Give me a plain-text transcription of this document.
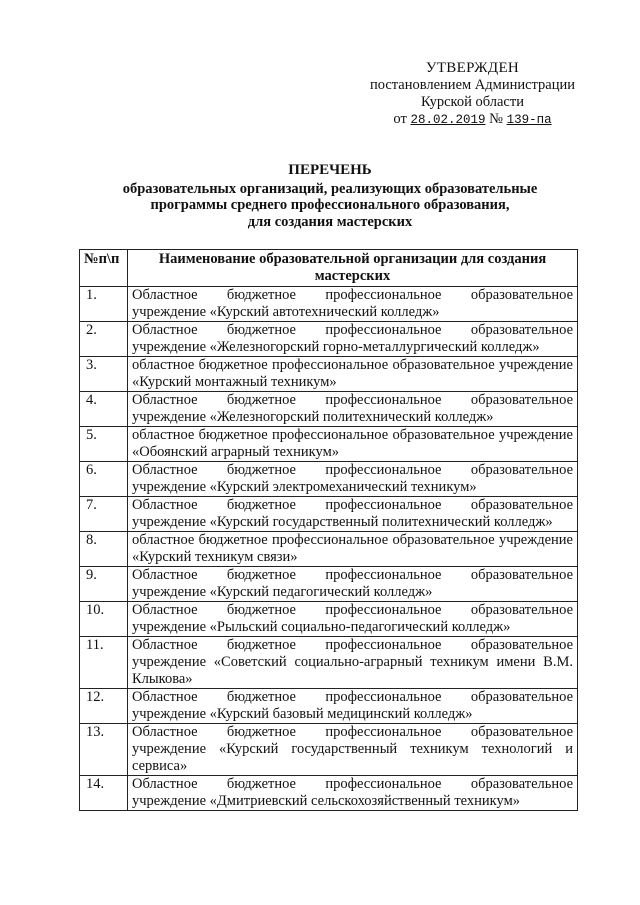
УТВЕРЖДЕН
постановлением Администрации
Курской области
от 28.02.2019 № 139-па
ПЕРЕЧЕНЬ
образовательных организаций, реализующих образовательные
программы среднего профессионального образования,
для создания мастерских
№п\п	Наименование образовательной организации для создания мастерских
1.	Областное бюджетное профессиональное образовательное учреждение «Курский автотехнический колледж»
2.	Областное бюджетное профессиональное образовательное учреждение «Железногорский горно-металлургический колледж»
3.	областное бюджетное профессиональное образовательное учреждение «Курский монтажный техникум»
4.	Областное бюджетное профессиональное образовательное учреждение «Железногорский политехнический колледж»
5.	областное бюджетное профессиональное образовательное учреждение «Обоянский аграрный техникум»
6.	Областное бюджетное профессиональное образовательное учреждение «Курский электромеханический техникум»
7.	Областное бюджетное профессиональное образовательное учреждение «Курский государственный политехнический колледж»
8.	областное бюджетное профессиональное образовательное учреждение «Курский техникум связи»
9.	Областное бюджетное профессиональное образовательное учреждение «Курский педагогический колледж»
10.	Областное бюджетное профессиональное образовательное учреждение «Рыльский социально-педагогический колледж»
11.	Областное бюджетное профессиональное образовательное учреждение «Советский социально-аграрный техникум имени В.М. Клыкова»
12.	Областное бюджетное профессиональное образовательное учреждение «Курский базовый медицинский колледж»
13.	Областное бюджетное профессиональное образовательное учреждение «Курский государственный техникум технологий и сервиса»
14.	Областное бюджетное профессиональное образовательное учреждение «Дмитриевский сельскохозяйственный техникум»
